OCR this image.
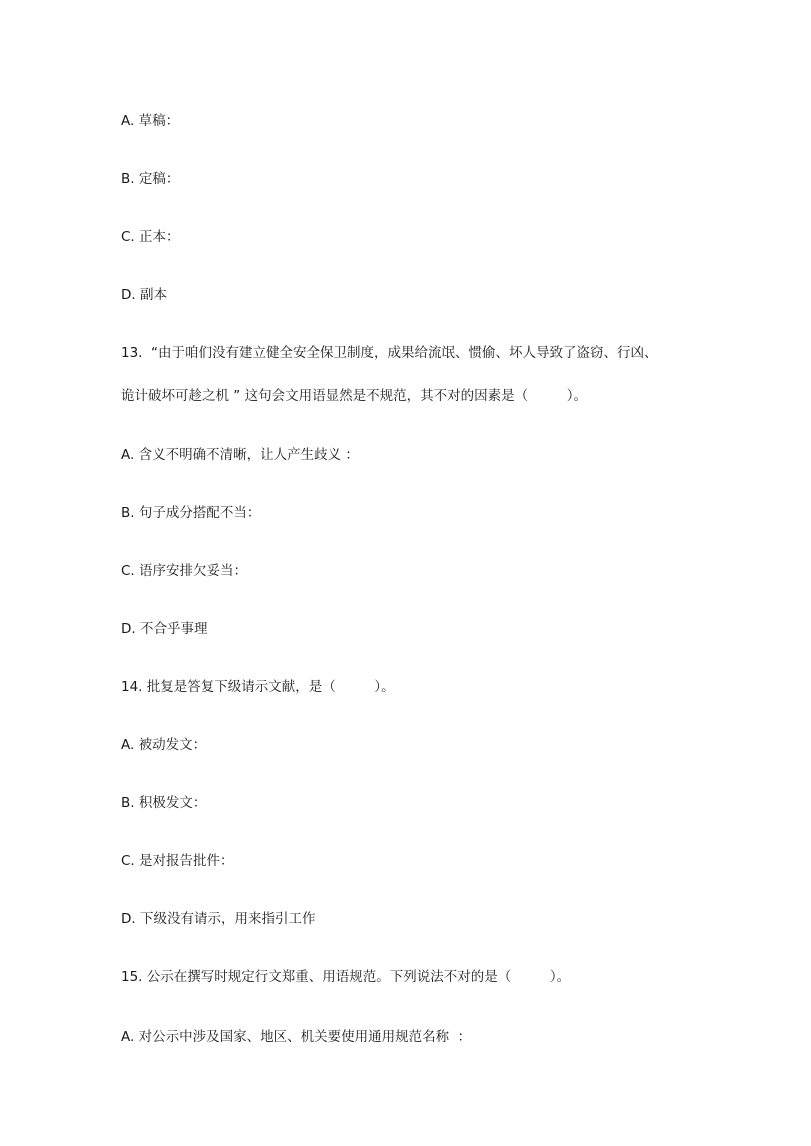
A. 草稿：
B. 定稿：
C. 正本：
D. 副本
13.  “由于咱们没有建立健全安全保卫制度，成果给流氓、惯偷、坏人导致了盗窃、行凶、
诡计破坏可趁之机 ” 这句会文用语显然是不规范，其不对的因素是（         ）。
A. 含义不明确不清晰，让人产生歧义 ：
B. 句子成分搭配不当：
C. 语序安排欠妥当：
D. 不合乎事理
14. 批复是答复下级请示文献，是（         ）。
A. 被动发文：
B. 积极发文：
C. 是对报告批件：
D. 下级没有请示，用来指引工作
15. 公示在撰写时规定行文郑重、用语规范。下列说法不对的是（         ）。
A. 对公示中涉及国家、地区、机关要使用通用规范名称  ：
